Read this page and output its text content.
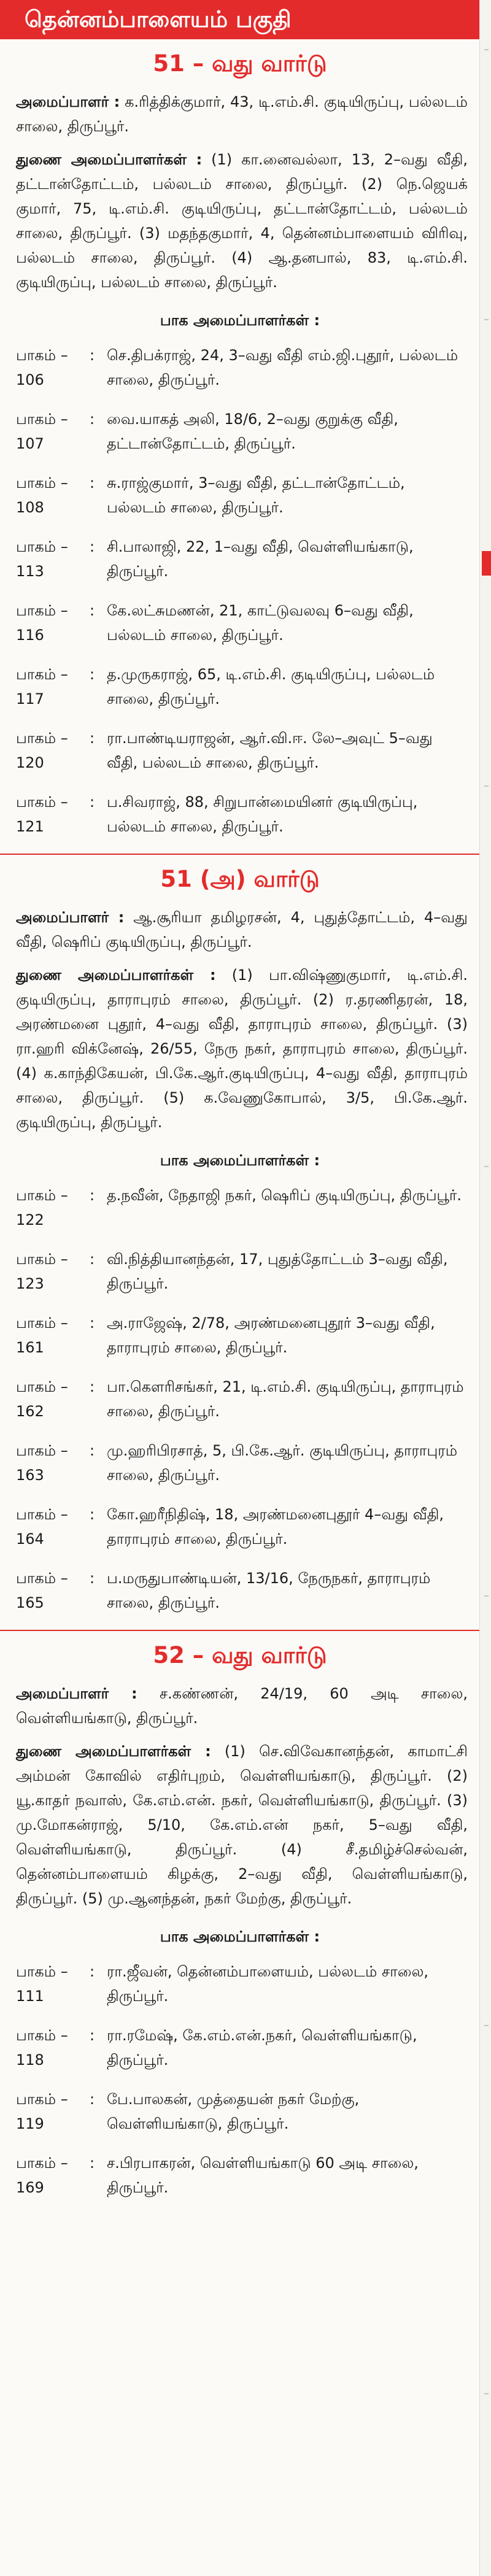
தென்னம்பாளையம் பகுதி
51 – வது வார்டு
அமைப்பாளர் : க.ரித்திக்குமார், 43, டி.எம்.சி. குடியிருப்பு, பல்லடம் சாலை, திருப்பூர்.
துணை அமைப்பாளர்கள் : (1) கா.னைவல்லா, 13, 2–வது வீதி, தட்டான்தோட்டம், பல்லடம் சாலை, திருப்பூர். (2) நெ.ஜெயக் குமார், 75, டி.எம்.சி. குடியிருப்பு, தட்டான்தோட்டம், பல்லடம் சாலை, திருப்பூர். (3) மதந்தகுமார், 4, தென்னம்பாளையம் விரிவு, பல்லடம் சாலை, திருப்பூர். (4) ஆ.தனபால், 83, டி.எம்.சி. குடியிருப்பு, பல்லடம் சாலை, திருப்பூர்.
பாக அமைப்பாளர்கள் :
பாகம் – 106
: செ.திபக்ராஜ், 24, 3–வது வீதி எம்.ஜி.புதூர், பல்லடம் சாலை, திருப்பூர்.
பாகம் – 107
: வை.யாகத் அலி, 18/6, 2–வது குறுக்கு வீதி, தட்டான்தோட்டம், திருப்பூர்.
பாகம் – 108
: சு.ராஜ்குமார், 3–வது வீதி, தட்டான்தோட்டம், பல்லடம் சாலை, திருப்பூர்.
பாகம் – 113
: சி.பாலாஜி, 22, 1–வது வீதி, வெள்ளியங்காடு, திருப்பூர்.
பாகம் – 116
: கே.லட்சுமணன், 21, காட்டுவலவு 6–வது வீதி, பல்லடம் சாலை, திருப்பூர்.
பாகம் – 117
: த.முருகராஜ், 65, டி.எம்.சி. குடியிருப்பு, பல்லடம் சாலை, திருப்பூர்.
பாகம் – 120
: ரா.பாண்டியராஜன், ஆர்.வி.ஈ. லே–அவுட் 5–வது வீதி, பல்லடம் சாலை, திருப்பூர்.
பாகம் – 121
: ப.சிவராஜ், 88, சிறுபான்மையினர் குடியிருப்பு, பல்லடம் சாலை, திருப்பூர்.
51 (அ) வார்டு
அமைப்பாளர் : ஆ.சூரியா தமிழரசன், 4, புதுத்தோட்டம், 4–வது வீதி, ஷெரிப் குடியிருப்பு, திருப்பூர்.
துணை அமைப்பாளர்கள் : (1) பா.விஷ்ணுகுமார், டி.எம்.சி. குடியிருப்பு, தாராபுரம் சாலை, திருப்பூர். (2) ர.தரணிதரன், 18, அரண்மனை புதூர், 4–வது வீதி, தாராபுரம் சாலை, திருப்பூர். (3) ரா.ஹரி விக்னேஷ், 26/55, நேரு நகர், தாராபுரம் சாலை, திருப்பூர். (4) க.காந்திகேயன், பி.கே.ஆர்.குடியிருப்பு, 4–வது வீதி, தாராபுரம் சாலை, திருப்பூர். (5) க.வேணுகோபால், 3/5, பி.கே.ஆர். குடியிருப்பு, திருப்பூர்.
பாக அமைப்பாளர்கள் :
பாகம் – 122
: த.நவீன், நேதாஜி நகர், ஷெரிப் குடியிருப்பு, திருப்பூர்.
பாகம் – 123
: வி.நித்தியானந்தன், 17, புதுத்தோட்டம் 3–வது வீதி, திருப்பூர்.
பாகம் – 161
: அ.ராஜேஷ், 2/78, அரண்மனைபுதூர் 3–வது வீதி, தாராபுரம் சாலை, திருப்பூர்.
பாகம் – 162
: பா.கௌரிசங்கர், 21, டி.எம்.சி. குடியிருப்பு, தாராபுரம் சாலை, திருப்பூர்.
பாகம் – 163
: மு.ஹரிபிரசாத், 5, பி.கே.ஆர். குடியிருப்பு, தாராபுரம் சாலை, திருப்பூர்.
பாகம் – 164
: கோ.ஹரீநிதிஷ், 18, அரண்மனைபுதூர் 4–வது வீதி, தாராபுரம் சாலை, திருப்பூர்.
பாகம் – 165
: ப.மருதுபாண்டியன், 13/16, நேருநகர், தாராபுரம் சாலை, திருப்பூர்.
52 – வது வார்டு
அமைப்பாளர் : ச.கண்ணன், 24/19, 60 அடி சாலை, வெள்ளியங்காடு, திருப்பூர்.
துணை அமைப்பாளர்கள் : (1) செ.விவேகானந்தன், காமாட்சி அம்மன் கோவில் எதிர்புறம், வெள்ளியங்காடு, திருப்பூர். (2) யூ.காதர் நவாஸ், கே.எம்.என். நகர், வெள்ளியங்காடு, திருப்பூர். (3) மு.மோகன்ராஜ், 5/10, கே.எம்.என் நகர், 5–வது வீதி, வெள்ளியங்காடு, திருப்பூர். (4) சீ.தமிழ்ச்செல்வன், தென்னம்பாளையம் கிழக்கு, 2–வது வீதி, வெள்ளியங்காடு, திருப்பூர். (5) மு.ஆனந்தன், நகர் மேற்கு, திருப்பூர்.
பாக அமைப்பாளர்கள் :
பாகம் – 111
: ரா.ஜீவன், தென்னம்பாளையம், பல்லடம் சாலை, திருப்பூர்.
பாகம் – 118
: ரா.ரமேஷ், கே.எம்.என்.நகர், வெள்ளியங்காடு, திருப்பூர்.
பாகம் – 119
: பே.பாலகன், முத்தையன் நகர் மேற்கு, வெள்ளியங்காடு, திருப்பூர்.
பாகம் – 169
: ச.பிரபாகரன், வெள்ளியங்காடு 60 அடி சாலை, திருப்பூர்.
